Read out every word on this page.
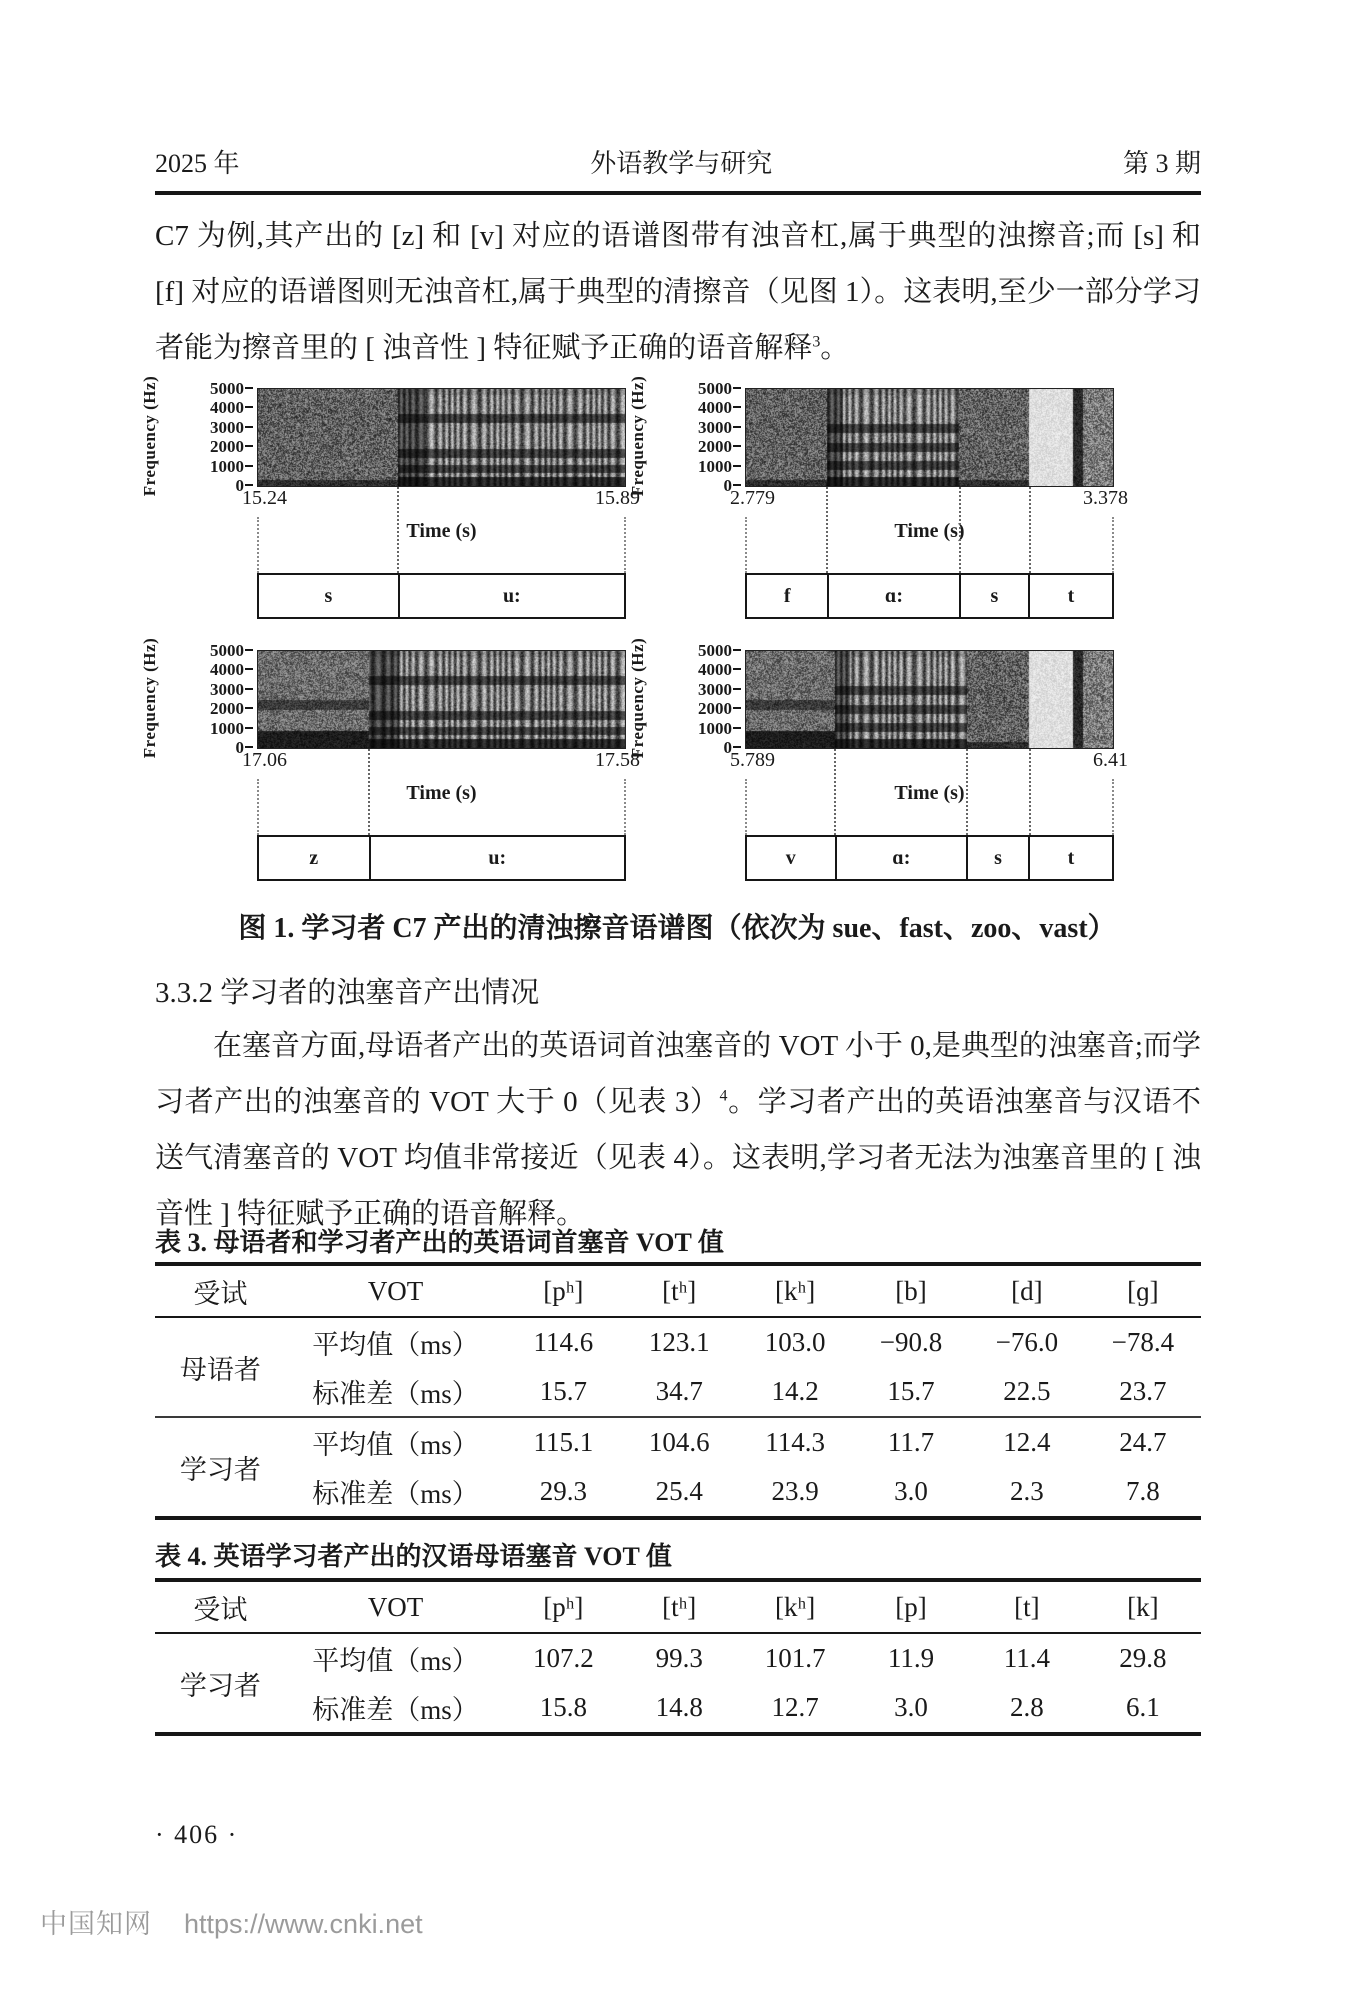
2025 年	外语教学与研究	第 3 期

C7 为例,其产出的 [z] 和 [v] 对应的语谱图带有浊音杠,属于典型的浊擦音;而 [s] 和 [f] 对应的语谱图则无浊音杠,属于典型的清擦音（见图 1）。这表明,至少一部分学习者能为擦音里的 [ 浊音性 ] 特征赋予正确的语音解释$^3$。

Frequency (Hz)	5000
4000
3000
2000
1000
0
15.24	15.89
Time (s)
s	u:
Frequency (Hz)	5000
4000
3000
2000
1000
0
2.779	3.378
Time (s)
f	ɑ:	s	t
Frequency (Hz)	5000
4000
3000
2000
1000
0
17.06	17.58
Time (s)
z	u:
Frequency (Hz)	5000
4000
3000
2000
1000
0
5.789	6.41
Time (s)
v	ɑ:	s	t
图 1. 学习者 C7 产出的清浊擦音语谱图（依次为 sue、fast、zoo、vast）
3.3.2 学习者的浊塞音产出情况

在塞音方面,母语者产出的英语词首浊塞音的 VOT 小于 0,是典型的浊塞音;而学习者产出的浊塞音的 VOT 大于 0（见表 3）$^4$。学习者产出的英语浊塞音与汉语不送气清塞音的 VOT 均值非常接近（见表 4）。这表明,学习者无法为浊塞音里的 [ 浊音性 ] 特征赋予正确的语音解释。

表 3. 母语者和学习者产出的英语词首塞音 VOT 值
受试	VOT	[pʰ]	[tʰ]	[kʰ]	[b]	[d]	[ɡ]
母语者	平均值（ms）	114.6	123.1	103.0	−90.8	−76.0	−78.4
	标准差（ms）	15.7	34.7	14.2	15.7	22.5	23.7
学习者	平均值（ms）	115.1	104.6	114.3	11.7	12.4	24.7
	标准差（ms）	29.3	25.4	23.9	3.0	2.3	7.8
表 4. 英语学习者产出的汉语母语塞音 VOT 值
受试	VOT	[pʰ]	[tʰ]	[kʰ]	[p]	[t]	[k]
学习者	平均值（ms）	107.2	99.3	101.7	11.9	11.4	29.8
	标准差（ms）	15.8	14.8	12.7	3.0	2.8	6.1
· 406 ·
中国知网 https://www.cnki.net
